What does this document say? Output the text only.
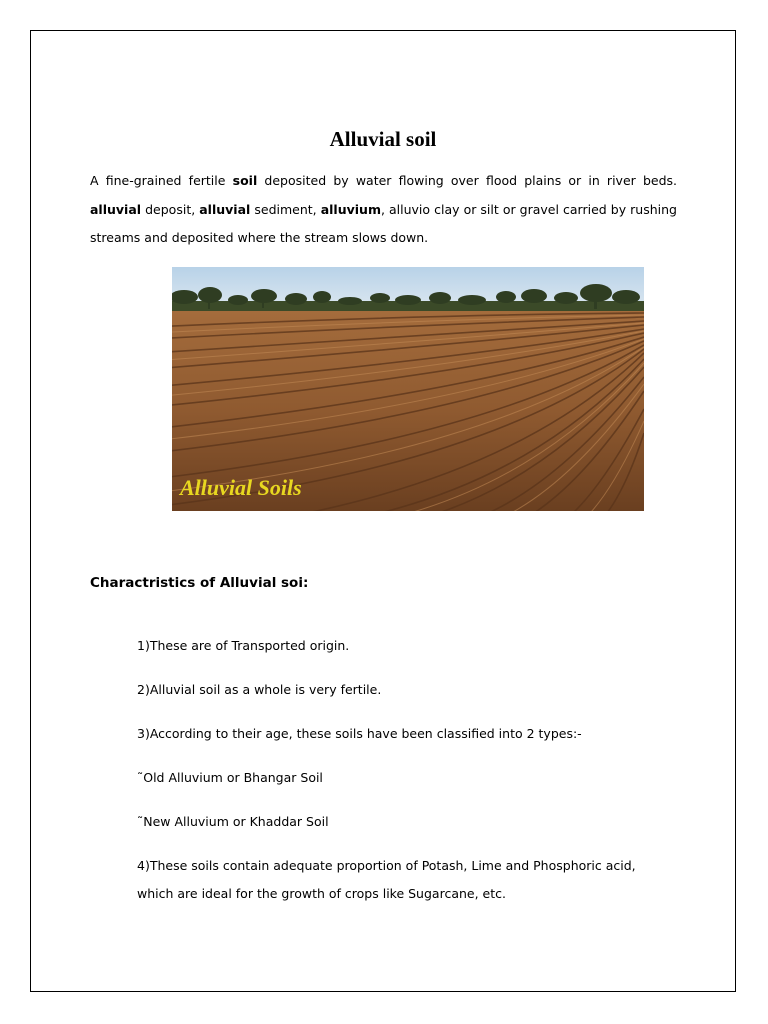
Alluvial soil

A fine-grained fertile soil deposited by water flowing over flood plains or in river beds. alluvial deposit, alluvial sediment, alluvium, alluvio clay or silt or gravel carried by rushing streams and deposited where the stream slows down.

Alluvial Soils
Charactristics of Alluvial soi:
1)These are of Transported origin.
2)Alluvial soil as a whole is very fertile.
3)According to their age, these soils have been classified into 2 types:-
˜Old Alluvium or Bhangar Soil
˜New Alluvium or Khaddar Soil
4)These soils contain adequate proportion of Potash, Lime and Phosphoric acid, which are ideal for the growth of crops like Sugarcane, etc.
